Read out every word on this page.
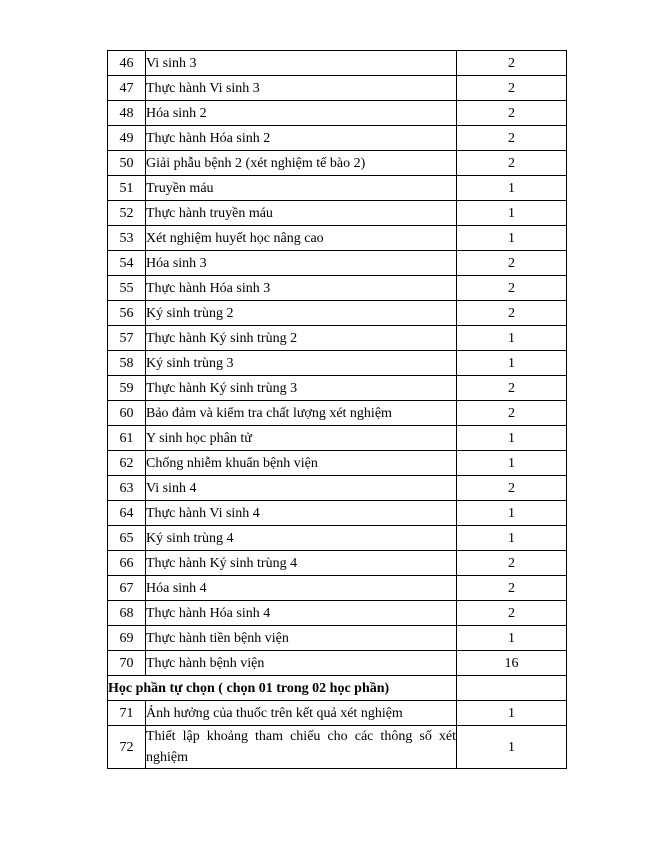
46	Vi sinh 3	2
47	Thực hành Vi sinh 3	2
48	Hóa sinh 2	2
49	Thực hành Hóa sinh 2	2
50	Giải phẫu bệnh 2 (xét nghiệm tế bào 2)	2
51	Truyền máu	1
52	Thực hành truyền máu	1
53	Xét nghiệm huyết học nâng cao	1
54	Hóa sinh 3	2
55	Thực hành Hóa sinh 3	2
56	Ký sinh trùng 2	2
57	Thực hành Ký sinh trùng 2	1
58	Ký sinh trùng 3	1
59	Thực hành Ký sinh trùng 3	2
60	Bảo đảm và kiểm tra chất lượng xét nghiệm	2
61	Y sinh học phân tử	1
62	Chống nhiễm khuẩn bệnh viện	1
63	Vi sinh 4	2
64	Thực hành Vi sinh 4	1
65	Ký sinh trùng 4	1
66	Thực hành Ký sinh trùng 4	2
67	Hóa sinh 4	2
68	Thực hành Hóa sinh 4	2
69	Thực hành tiền bệnh viện	1
70	Thực hành bệnh viện	16
Học phần tự chọn ( chọn 01 trong 02 học phần)		
71	Ảnh hưởng của thuốc trên kết quả xét nghiệm	1
72	Thiết lập khoảng tham chiếu cho các thông số xét nghiệm	1
